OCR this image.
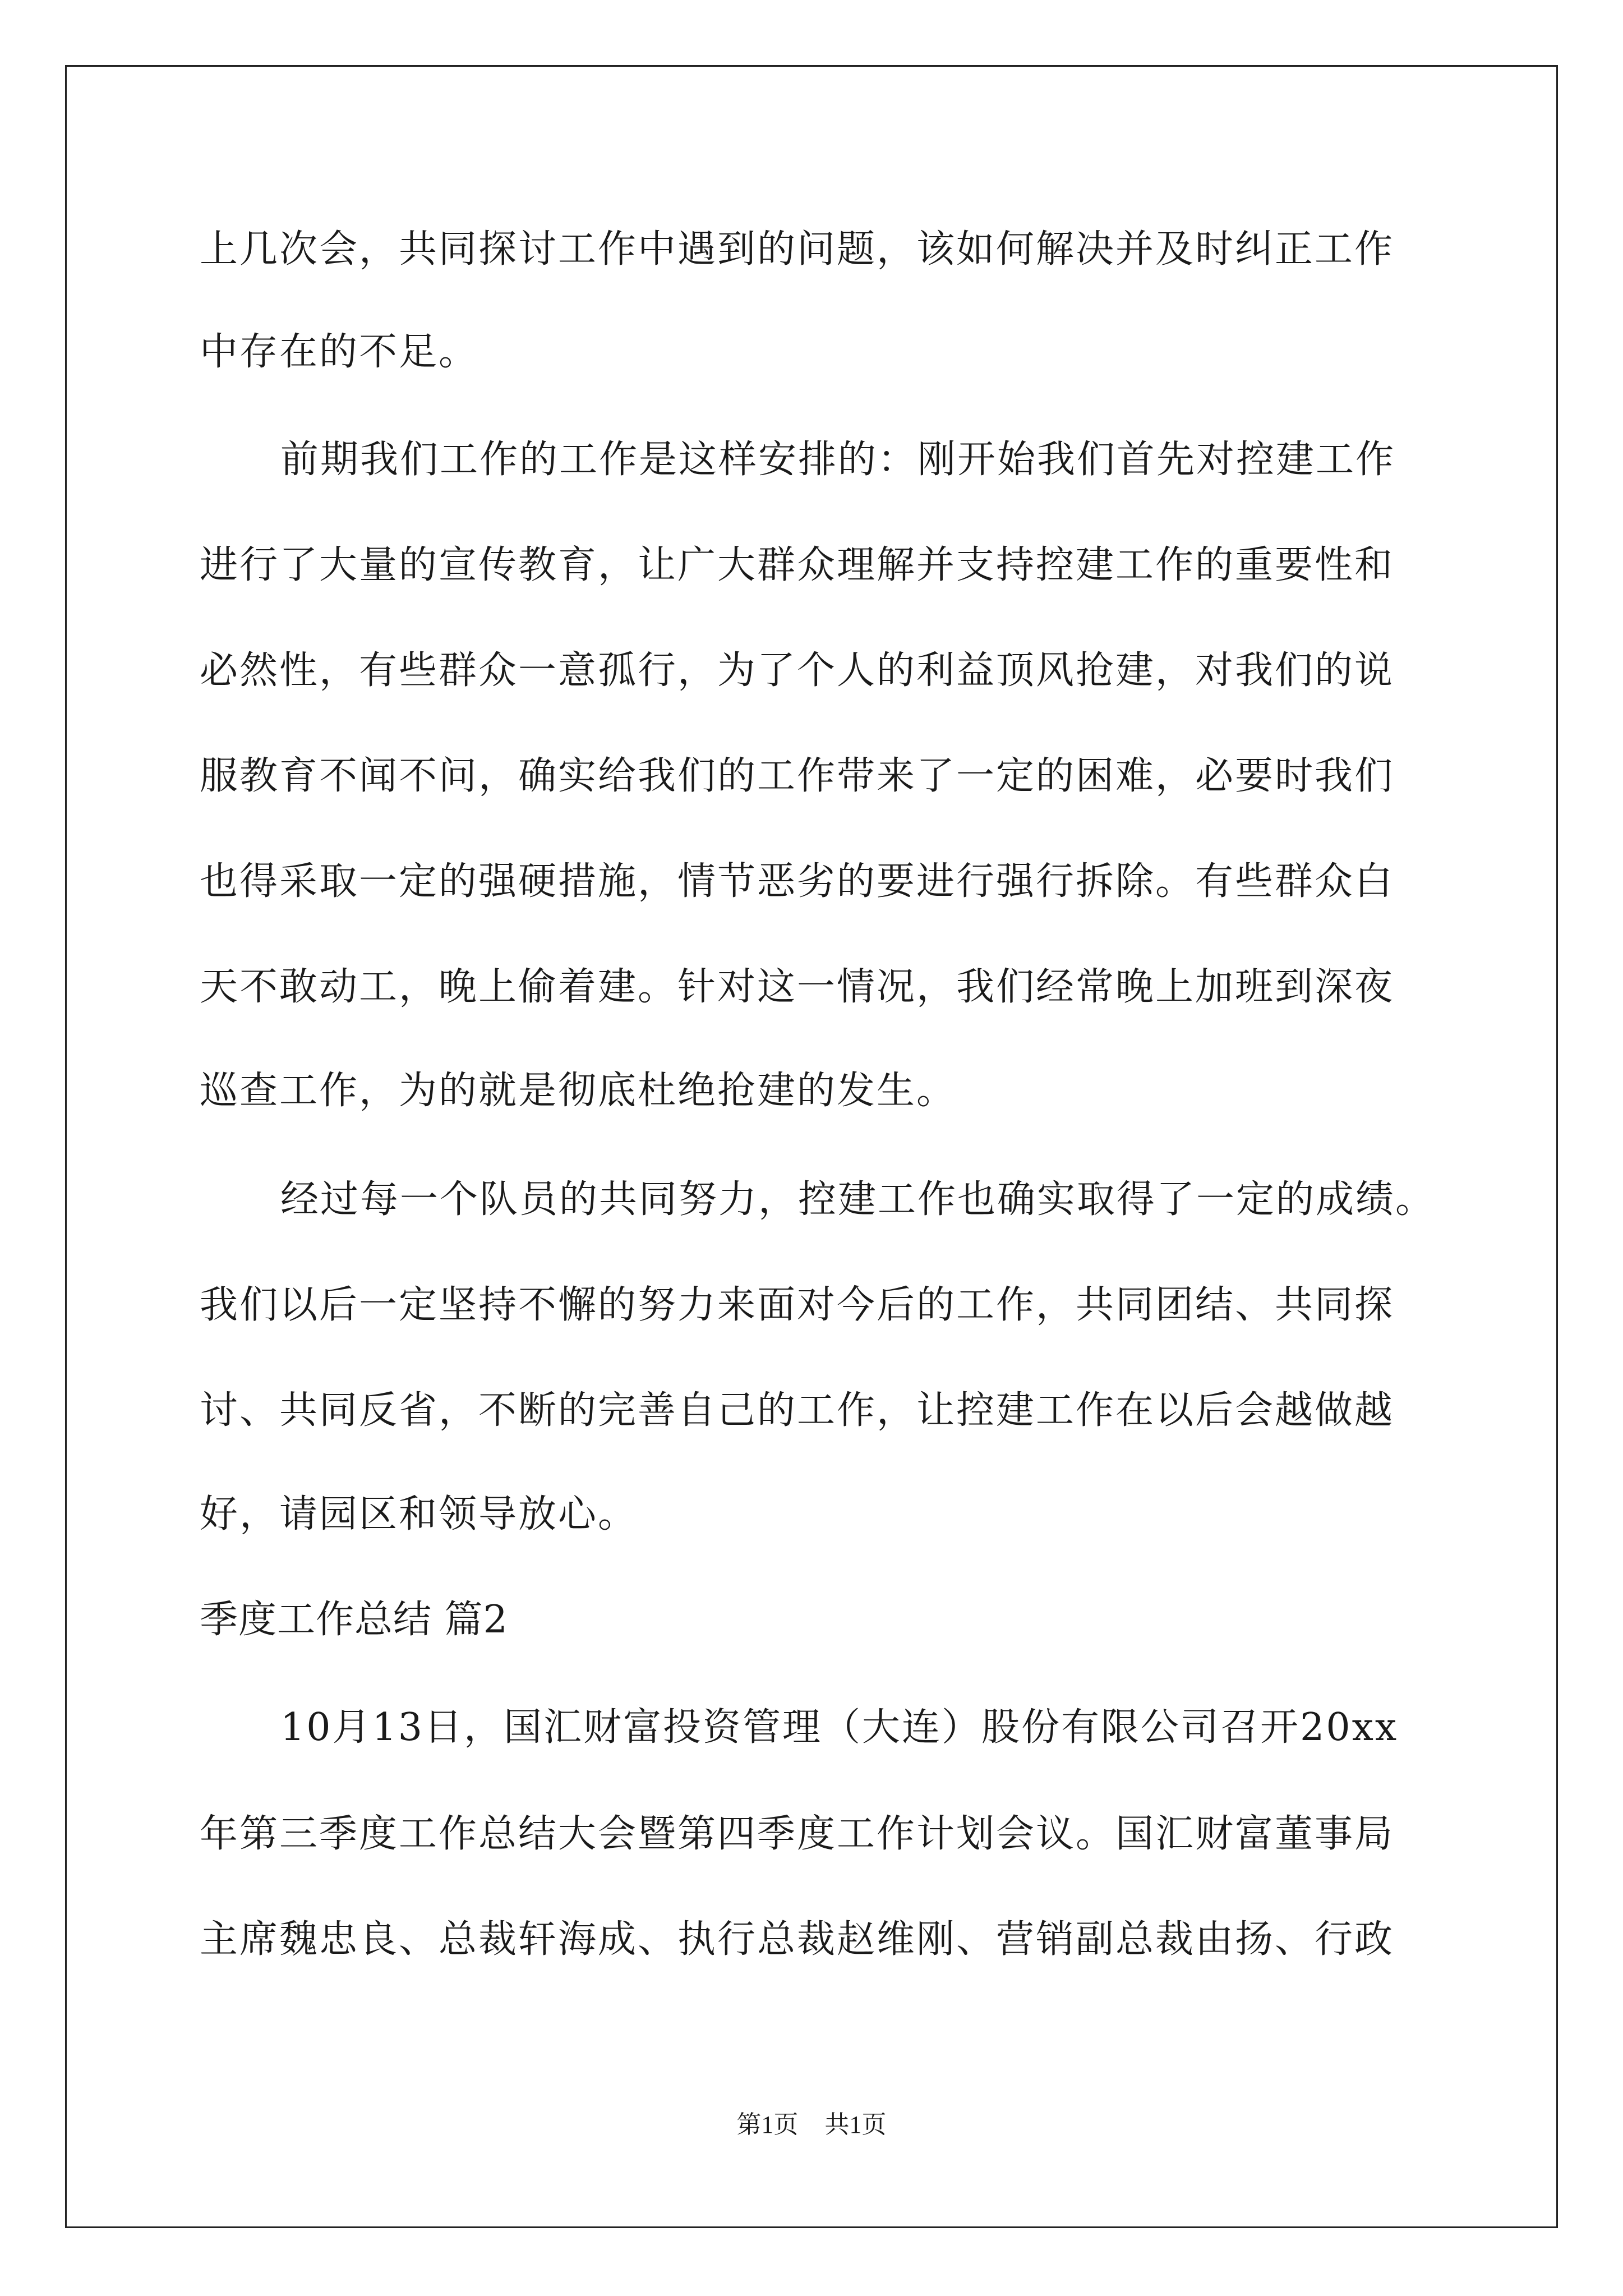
上几次会，共同探讨工作中遇到的问题，该如何解决并及时纠正工作
中存在的不足。
前期我们工作的工作是这样安排的：刚开始我们首先对控建工作
进行了大量的宣传教育，让广大群众理解并支持控建工作的重要性和
必然性，有些群众一意孤行，为了个人的利益顶风抢建，对我们的说
服教育不闻不问，确实给我们的工作带来了一定的困难，必要时我们
也得采取一定的强硬措施，情节恶劣的要进行强行拆除。有些群众白
天不敢动工，晚上偷着建。针对这一情况，我们经常晚上加班到深夜
巡查工作，为的就是彻底杜绝抢建的发生。
经过每一个队员的共同努力，控建工作也确实取得了一定的成绩。
我们以后一定坚持不懈的努力来面对今后的工作，共同团结、共同探
讨、共同反省，不断的完善自己的工作，让控建工作在以后会越做越
好，请园区和领导放心。
季度工作总结 篇2
10月13日，国汇财富投资管理（大连）股份有限公司召开20xx
年第三季度工作总结大会暨第四季度工作计划会议。国汇财富董事局
主席魏忠良、总裁轩海成、执行总裁赵维刚、营销副总裁由扬、行政
第1页 共1页
